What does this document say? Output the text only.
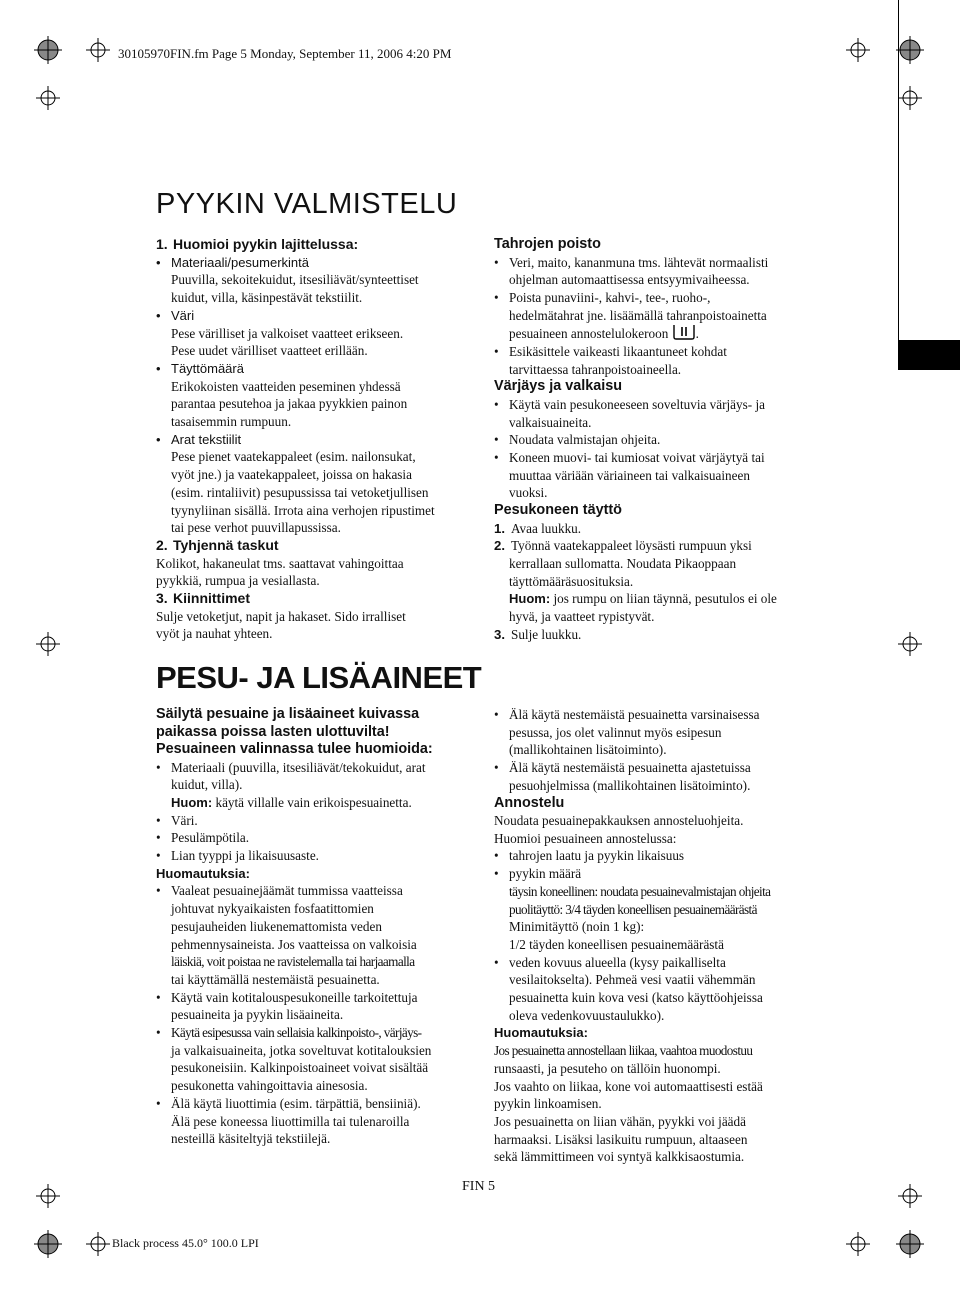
30105970FIN.fm Page 5 Monday, September 11, 2006 4:20 PM
PYYKIN VALMISTELU
1. Huomioi pyykin lajittelussa:
• Materiaali/pesumerkintä

Puuvilla, sekoitekuidut, itsesiliävät/synteettiset

kuidut, villa, käsinpestävät tekstiilit.

• Väri

Pese värilliset ja valkoiset vaatteet erikseen.

Pese uudet värilliset vaatteet erillään.

• Täyttömäärä

Erikokoisten vaatteiden peseminen yhdessä

parantaa pesutehoa ja jakaa pyykkien painon

tasaisemmin rumpuun.

• Arat tekstiilit

Pese pienet vaatekappaleet (esim. nailonsukat,

vyöt jne.) ja vaatekappaleet, joissa on hakasia

(esim. rintaliivit) pesupussissa tai vetoketjullisen

tyynyliinan sisällä. Irrota aina verhojen ripustimet

tai pese verhot puuvillapussissa.

2. Tyhjennä taskut

Kolikot, hakaneulat tms. saattavat vahingoittaa

pyykkiä, rumpua ja vesiallasta.

3. Kiinnittimet

Sulje vetoketjut, napit ja hakaset. Sido irralliset

vyöt ja nauhat yhteen.

Tahrojen poisto

• Veri, maito, kananmuna tms. lähtevät normaalisti

ohjelman automaattisessa entsyymivaiheessa.

• Poista punaviini-, kahvi-, tee-, ruoho-,

hedelmätahrat jne. lisäämällä tahranpoistoainetta

pesuaineen annostelulokeroon .

• Esikäsittele vaikeasti likaantuneet kohdat

tarvittaessa tahranpoistoaineella.

Värjäys ja valkaisu

• Käytä vain pesukoneeseen soveltuvia värjäys- ja

valkaisuaineita.

• Noudata valmistajan ohjeita.

• Koneen muovi- tai kumiosat voivat värjäytyä tai

muuttaa väriään väriaineen tai valkaisuaineen

vuoksi.

Pesukoneen täyttö
1. Avaa luukku.
2. Työnnä vaatekappaleet löysästi rumpuun yksi

kerrallaan sullomatta. Noudata Pikaoppaan

täyttömääräsuosituksia.

Huom: jos rumpu on liian täynnä, pesutulos ei ole

hyvä, ja vaatteet rypistyvät.

3. Sulje luukku.
PESU- JA LISÄAINEET
Säilytä pesuaine ja lisäaineet kuivassa
paikassa poissa lasten ulottuvilta!
Pesuaineen valinnassa tulee huomioida:

• Materiaali (puuvilla, itsesiliävät/tekokuidut, arat

kuidut, villa).

Huom: käytä villalle vain erikoispesuainetta.

• Väri.

• Pesulämpötila.

• Lian tyyppi ja likaisuusaste.

Huomautuksia:

• Vaaleat pesuainejäämät tummissa vaatteissa

johtuvat nykyaikaisten fosfaatittomien

pesujauheiden liukenemattomista veden

pehmennysaineista. Jos vaatteissa on valkoisia

läiskiä, voit poistaa ne ravistelemalla tai harjaamalla

tai käyttämällä nestemäistä pesuainetta.

• Käytä vain kotitalouspesukoneille tarkoitettuja

pesuaineita ja pyykin lisäaineita.

• Käytä esipesussa vain sellaisia kalkinpoisto-, värjäys-

ja valkaisuaineita, jotka soveltuvat kotitalouksien

pesukoneisiin. Kalkinpoistoaineet voivat sisältää

pesukonetta vahingoittavia ainesosia.

• Älä käytä liuottimia (esim. tärpättiä, bensiiniä).

Älä pese koneessa liuottimilla tai tulenaroilla

nesteillä käsiteltyjä tekstiilejä.

• Älä käytä nestemäistä pesuainetta varsinaisessa

pesussa, jos olet valinnut myös esipesun

(mallikohtainen lisätoiminto).

• Älä käytä nestemäistä pesuainetta ajastetuissa

pesuohjelmissa (mallikohtainen lisätoiminto).

Annostelu

Noudata pesuainepakkauksen annosteluohjeita.

Huomioi pesuaineen annostelussa:

• tahrojen laatu ja pyykin likaisuus

• pyykin määrä

täysin koneellinen: noudata pesuainevalmistajan ohjeita

puolitäyttö: 3/4 täyden koneellisen pesuainemäärästä

Minimitäyttö (noin 1 kg):

1/2 täyden koneellisen pesuainemäärästä

• veden kovuus alueella (kysy paikalliselta

vesilaitokselta). Pehmeä vesi vaatii vähemmän

pesuainetta kuin kova vesi (katso käyttöohjeissa

oleva vedenkovuustaulukko).

Huomautuksia:

Jos pesuainetta annostellaan liikaa, vaahtoa muodostuu

runsaasti, ja pesuteho on tällöin huonompi.

Jos vaahto on liikaa, kone voi automaattisesti estää

pyykin linkoamisen.

Jos pesuainetta on liian vähän, pyykki voi jäädä

harmaaksi. Lisäksi lasikuitu rumpuun, altaaseen

sekä lämmittimeen voi syntyä kalkkisaostumia.

FIN 5
Black process 45.0° 100.0 LPI
